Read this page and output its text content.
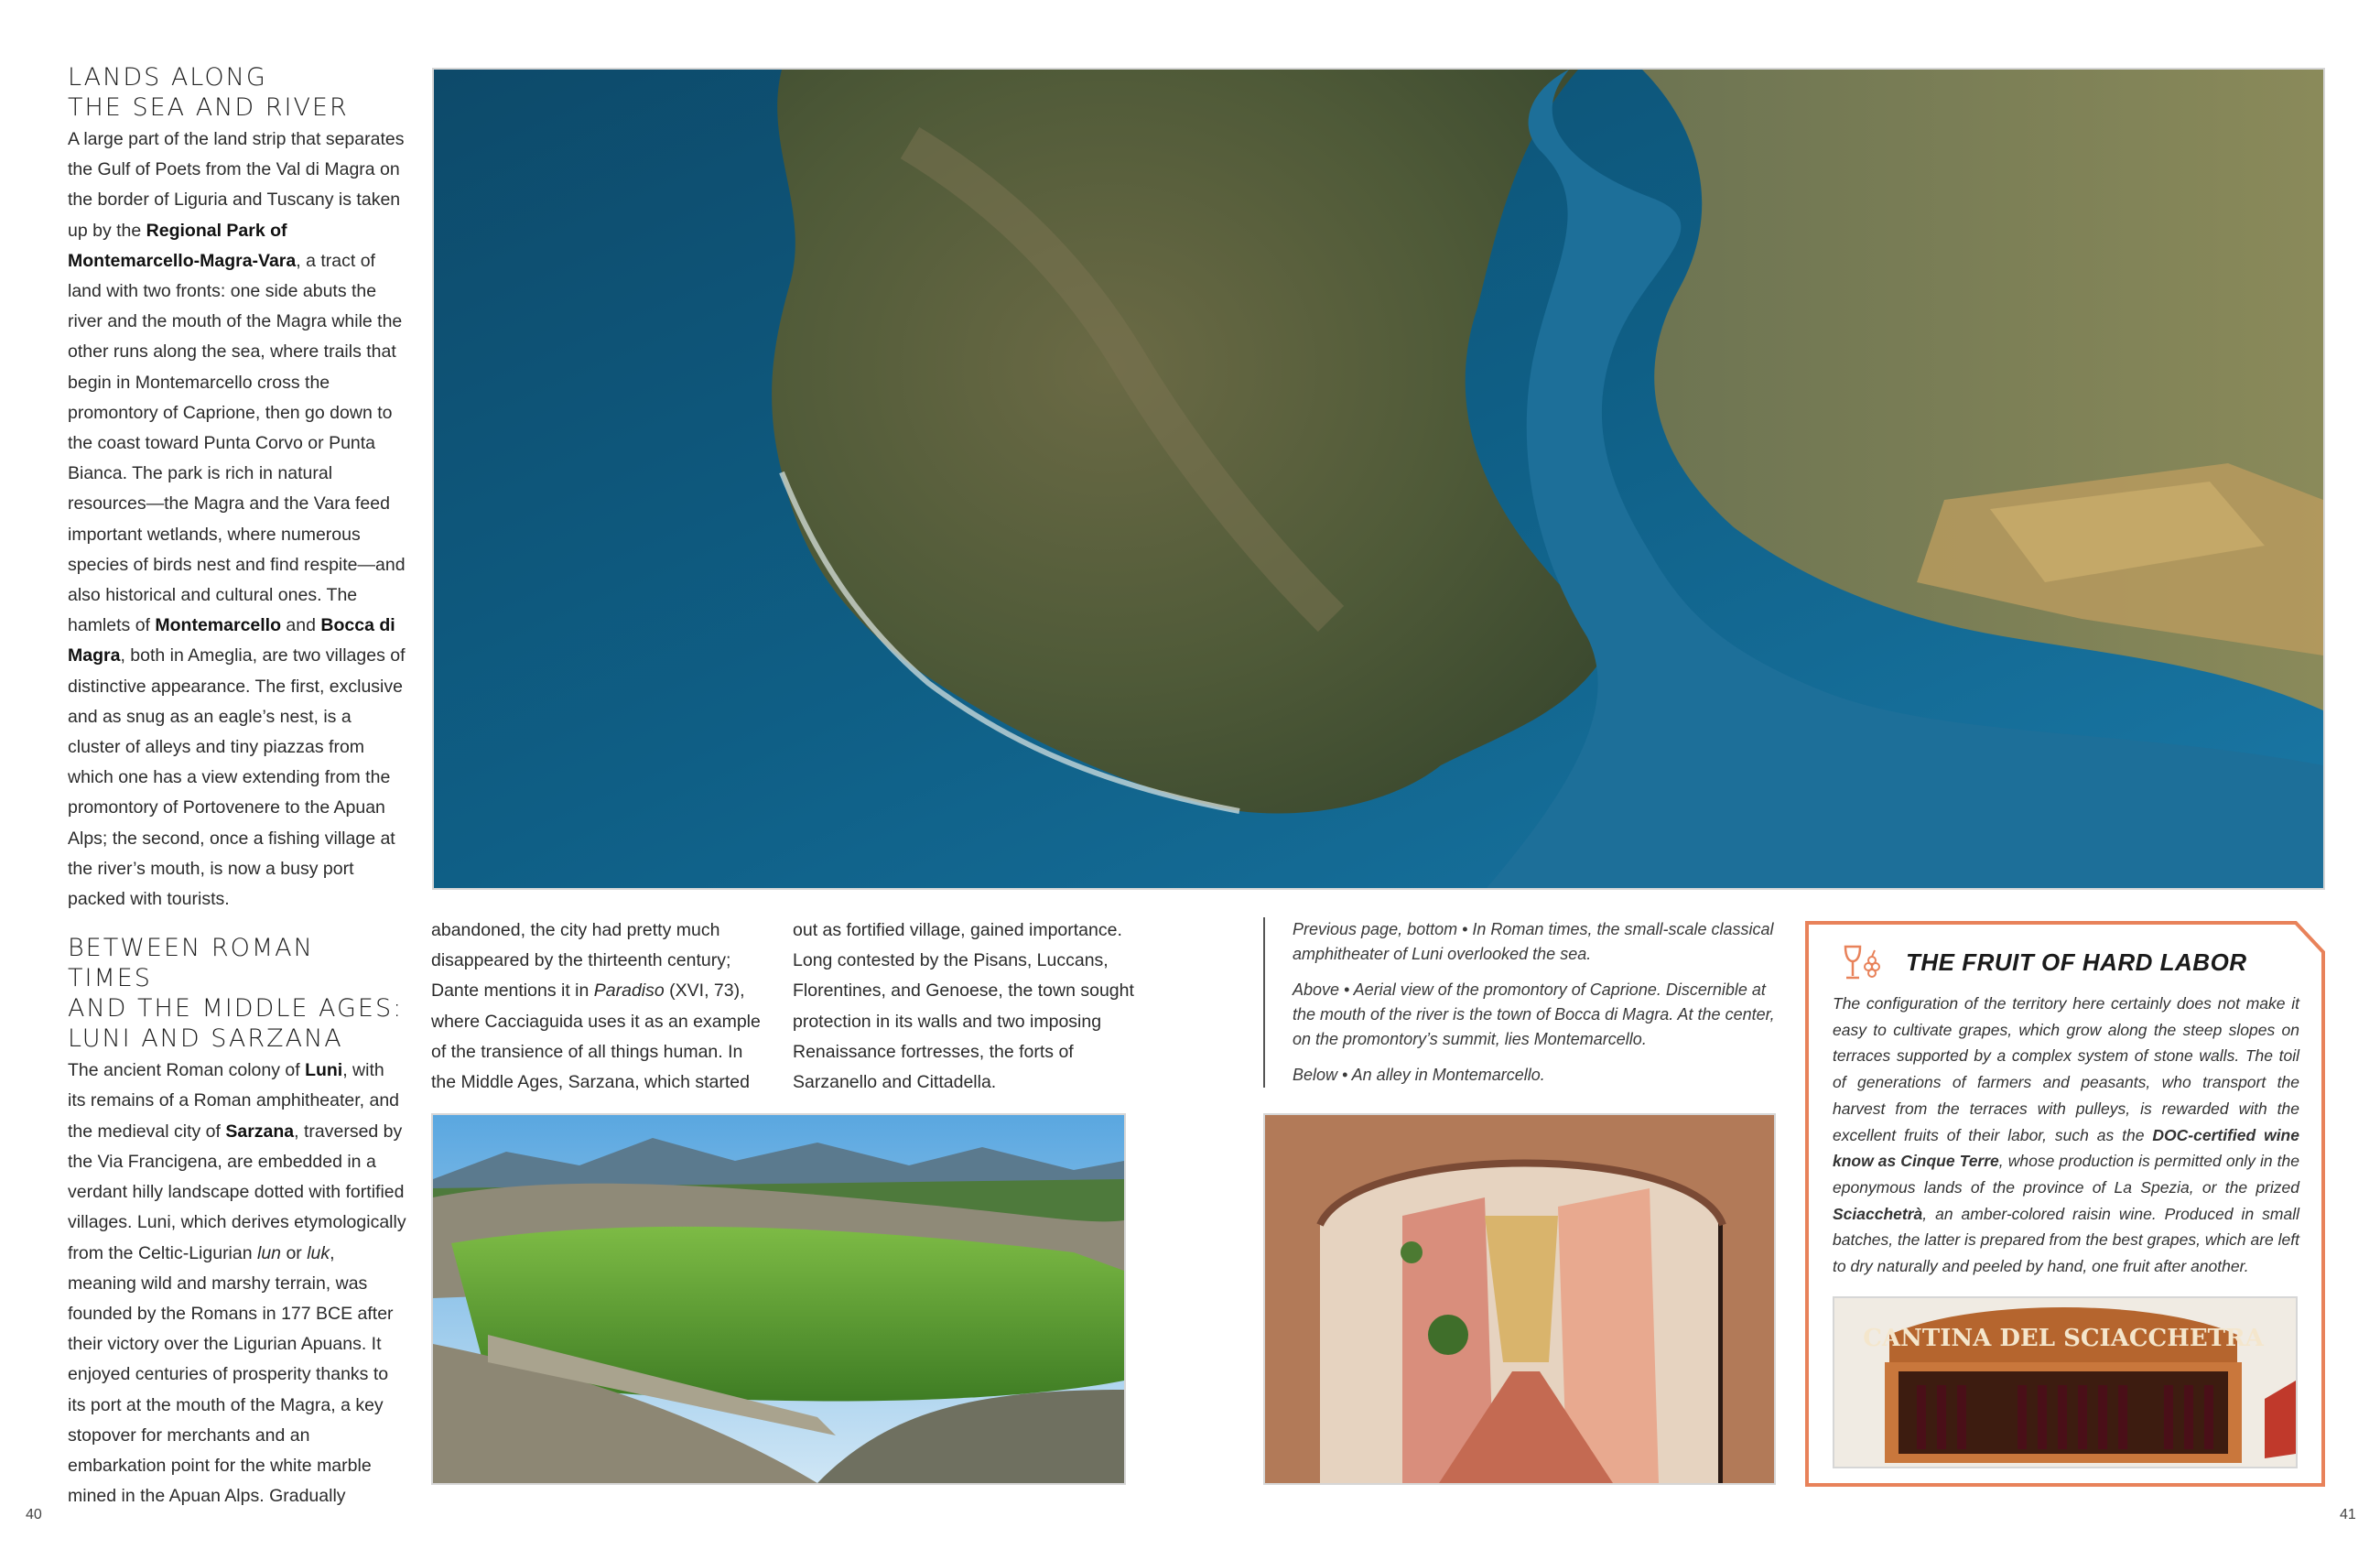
LANDS ALONG
THE SEA AND RIVER
A large part of the land strip that separates the Gulf of Poets from the Val di Magra on the border of Liguria and Tuscany is taken up by the Regional Park of Montemarcello-Magra-Vara, a tract of land with two fronts: one side abuts the river and the mouth of the Magra while the other runs along the sea, where trails that begin in Montemarcello cross the promontory of Caprione, then go down to the coast toward Punta Corvo or Punta Bianca. The park is rich in natural resources—the Magra and the Vara feed important wetlands, where numerous species of birds nest and find respite—and also historical and cultural ones. The hamlets of Montemarcello and Bocca di Magra, both in Ameglia, are two villages of distinctive appearance. The first, exclusive and as snug as an eagle’s nest, is a cluster of alleys and tiny piazzas from which one has a view extending from the promontory of Portovenere to the Apuan Alps; the second, once a fishing village at the river’s mouth, is now a busy port packed with tourists.
BETWEEN ROMAN TIMES
AND THE MIDDLE AGES:
LUNI AND SARZANA
The ancient Roman colony of Luni, with its remains of a Roman amphitheater, and the medieval city of Sarzana, traversed by the Via Francigena, are embedded in a verdant hilly landscape dotted with fortified villages. Luni, which derives etymologically from the Celtic-Ligurian lun or luk, meaning wild and marshy terrain, was founded by the Romans in 177 BCE after their victory over the Ligurian Apuans. It enjoyed centuries of prosperity thanks to its port at the mouth of the Magra, a key stopover for merchants and an embarkation point for the white marble mined in the Apuan Alps. Gradually
abandoned, the city had pretty much disappeared by the thirteenth century; Dante mentions it in Paradiso (XVI, 73), where Cacciaguida uses it as an example of the transience of all things human. In the Middle Ages, Sarzana, which started
out as fortified village, gained importance. Long contested by the Pisans, Luccans, Florentines, and Genoese, the town sought protection in its walls and two imposing Renaissance fortresses, the forts of Sarzanello and Cittadella.

Previous page, bottom • In Roman times, the small-scale classical amphitheater of Luni overlooked the sea.

Above • Aerial view of the promontory of Caprione. Discernible at the mouth of the river is the town of Bocca di Magra. At the center, on the promontory’s summit, lies Montemarcello.

Below • An alley in Montemarcello.

THE FRUIT OF HARD LABOR
The configuration of the territory here certainly does not make it easy to cultivate grapes, which grow along the steep slopes on terraces supported by a complex system of stone walls. The toil of generations of farmers and peasants, who transport the harvest from the terraces with pulleys, is rewarded with the excellent fruits of their labor, such as the DOC-certified wine know as Cinque Terre, whose production is permitted only in the eponymous lands of the province of La Spezia, or the prized Sciacchetrà, an amber-colored raisin wine. Produced in small batches, the latter is prepared from the best grapes, which are left to dry naturally and peeled by hand, one fruit after another.
CANTINA DEL SCIACCHETRA
40	41
